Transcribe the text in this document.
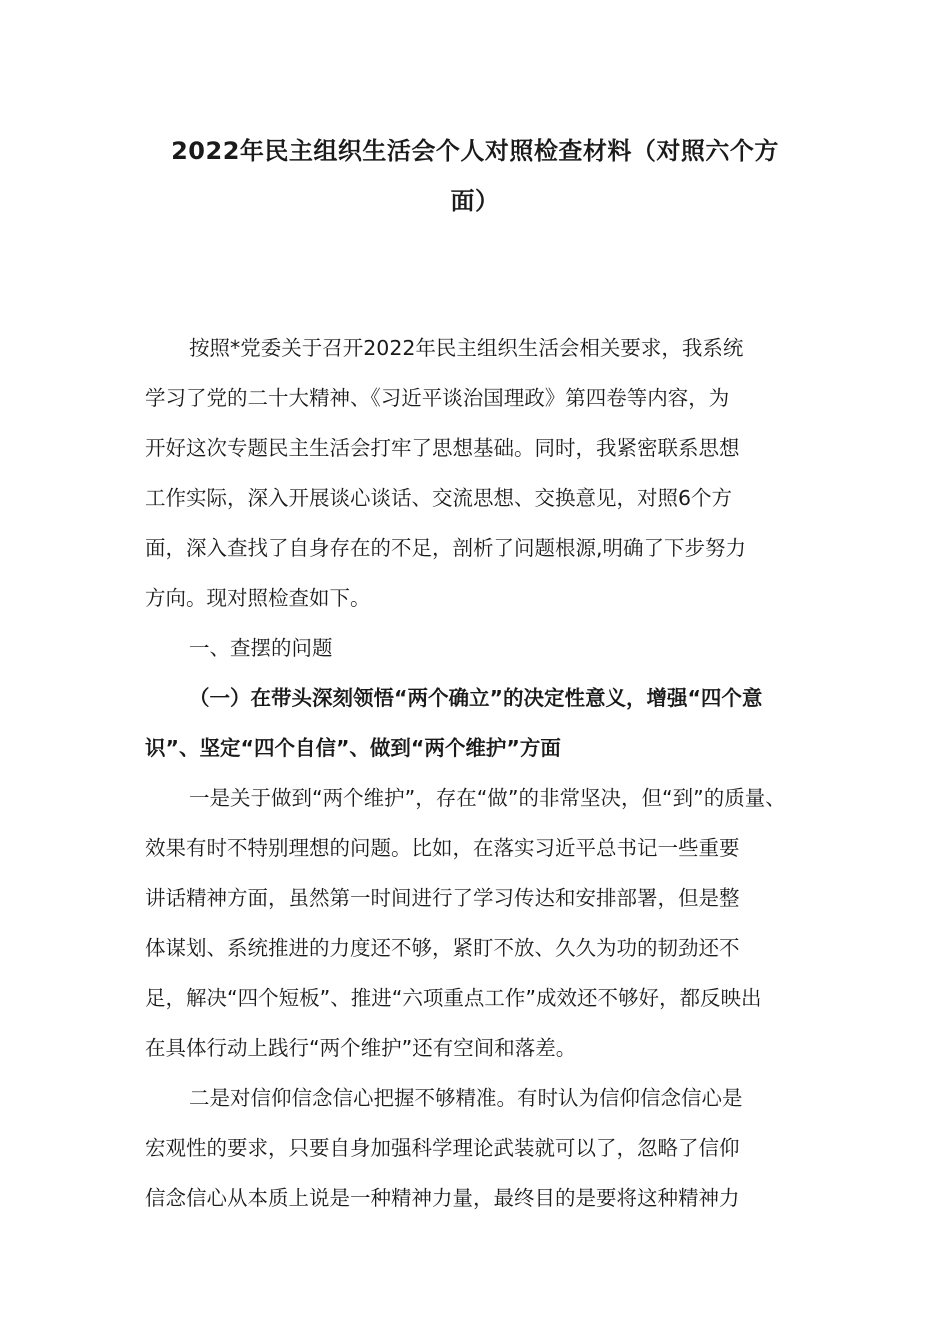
2022年民主组织生活会个人对照检查材料（对照六个方
面）

按照*党委关于召开2022年民主组织生活会相关要求，我系统
学习了党的二十大精神、《习近平谈治国理政》第四卷等内容，为
开好这次专题民主生活会打牢了思想基础。同时，我紧密联系思想
工作实际，深入开展谈心谈话、交流思想、交换意见，对照6个方
面，深入查找了自身存在的不足，剖析了问题根源,明确了下步努力
方向。现对照检查如下。

一、查摆的问题

（一）在带头深刻领悟“两个确立”的决定性意义，增强“四个意
识”、坚定“四个自信”、做到“两个维护”方面

一是关于做到“两个维护”，存在“做”的非常坚决，但“到”的质量、
效果有时不特别理想的问题。比如，在落实习近平总书记一些重要
讲话精神方面，虽然第一时间进行了学习传达和安排部署，但是整
体谋划、系统推进的力度还不够，紧盯不放、久久为功的韧劲还不
足，解决“四个短板”、推进“六项重点工作”成效还不够好，都反映出
在具体行动上践行“两个维护”还有空间和落差。

二是对信仰信念信心把握不够精准。有时认为信仰信念信心是
宏观性的要求，只要自身加强科学理论武装就可以了，忽略了信仰
信念信心从本质上说是一种精神力量，最终目的是要将这种精神力
